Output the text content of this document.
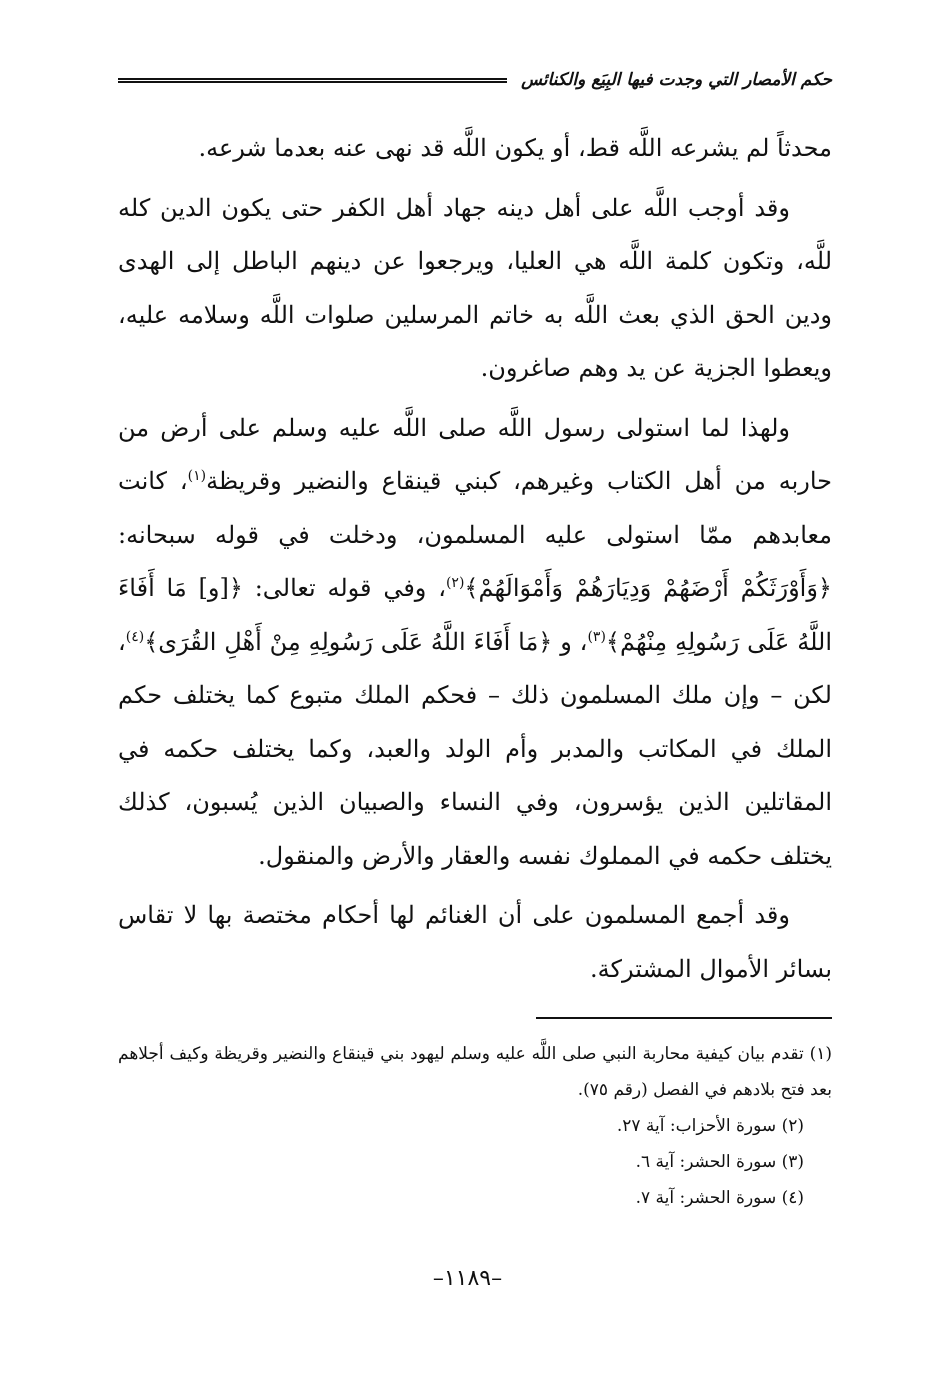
حكم الأمصار التي وجدت فيها البِيَع والكنائس

محدثاً لم يشرعه اللَّه قط، أو يكون اللَّه قد نهى عنه بعدما شرعه.

وقد أوجب اللَّه على أهل دينه جهاد أهل الكفر حتى يكون الدين كله للَّه، وتكون كلمة اللَّه هي العليا، ويرجعوا عن دينهم الباطل إلى الهدى ودين الحق الذي بعث اللَّه به خاتم المرسلين صلوات اللَّه وسلامه عليه، ويعطوا الجزية عن يد وهم صاغرون.

ولهذا لما استولى رسول اللَّه صلى اللَّه عليه وسلم على أرض من حاربه من أهل الكتاب وغيرهم، كبني قينقاع والنضير وقريظة$^{(١)}$، كانت معابدهم ممّا استولى عليه المسلمون، ودخلت في قوله سبحانه: ﴿وَأَوْرَثَكُمْ أَرْضَهُمْ وَدِيَارَهُمْ وَأَمْوَالَهُمْ﴾$^{(٢)}$، وفي قوله تعالى: ﴿[و] مَا أَفَاءَ اللَّهُ عَلَى رَسُولِهِ مِنْهُمْ﴾$^{(٣)}$، و ﴿مَا أَفَاءَ اللَّهُ عَلَى رَسُولِهِ مِنْ أَهْلِ القُرَى﴾$^{(٤)}$، لكن – وإن ملك المسلمون ذلك – فحكم الملك متبوع كما يختلف حكم الملك في المكاتب والمدبر وأم الولد والعبد، وكما يختلف حكمه في المقاتلين الذين يؤسرون، وفي النساء والصبيان الذين يُسبون، كذلك يختلف حكمه في المملوك نفسه والعقار والأرض والمنقول.

وقد أجمع المسلمون على أن الغنائم لها أحكام مختصة بها لا تقاس بسائر الأموال المشتركة.

(١) تقدم بيان كيفية محاربة النبي صلى اللَّه عليه وسلم ليهود بني قينقاع والنضير وقريظة وكيف أجلاهم بعد فتح بلادهم في الفصل (رقم ٧٥).

(٢) سورة الأحزاب: آية ٢٧.

(٣) سورة الحشر: آية ٦.

(٤) سورة الحشر: آية ٧.

–١١٨٩–
